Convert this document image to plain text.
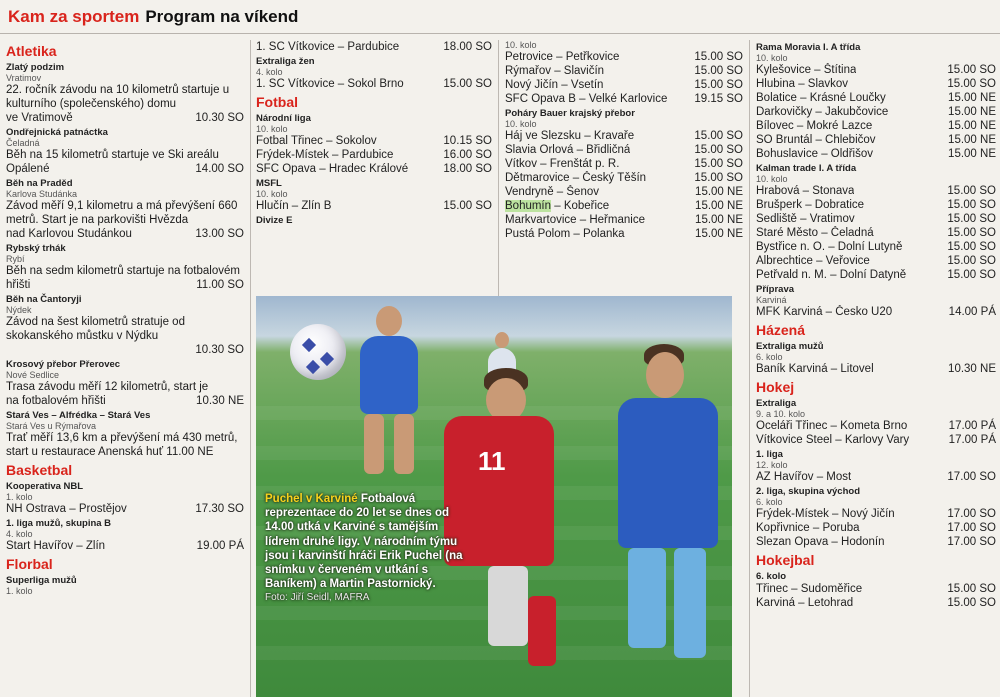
Kam za sportem Program na víkend
Atletika
Zlatý podzim
Vratimov
22. ročník závodu na 10 kilometrů startuje u kulturního (společenského) domu
ve Vratimově	10.30 SO
Ondřejnická patnáctka
Čeladná
Běh na 15 kilometrů startuje ve Ski areálu
Opálené	14.00 SO
Běh na Praděd
Karlova Studánka
Závod měří 9,1 kilometru a má převýšení 660 metrů. Start je na parkovišti Hvězda
nad Karlovou Studánkou	13.00 SO
Rybský trhák
Rybí
Běh na sedm kilometrů startuje na fotbalovém
hřišti	11.00 SO
Běh na Čantoryji
Nýdek
Závod na šest kilometrů stratuje od skokanského můstku v Nýdku
10.30 SO
Krosový přebor Přerovec
Nové Sedlice
Trasa závodu měří 12 kilometrů, start je
na fotbalovém hřišti	10.30 NE
Stará Ves – Alfrédka – Stará Ves
Stará Ves u Rýmařova
Trať měří 13,6 km a převýšení má 430 metrů, start u restaurace Anenská huť 11.00 NE
Basketbal
Kooperativa NBL
1. kolo
NH Ostrava – Prostějov	17.30 SO
1. liga mužů, skupina B
4. kolo
Start Havířov – Zlín	19.00 PÁ
Florbal
Superliga mužů
1. kolo
1. SC Vítkovice – Pardubice	18.00 SO
Extraliga žen
4. kolo
1. SC Vítkovice – Sokol Brno	15.00 SO
Fotbal
Národní liga
10. kolo
Fotbal Třinec – Sokolov	10.15 SO
Frýdek-Místek – Pardubice	16.00 SO
SFC Opava – Hradec Králové	18.00 SO
MSFL
10. kolo
Hlučín – Zlín B	15.00 SO
Divize E
10. kolo
Petrovice – Petřkovice	15.00 SO
Rýmařov – Slavičín	15.00 SO
Nový Jičín – Vsetín	15.00 SO
SFC Opava B – Velké Karlovice 19.15 SO
Poháry Bauer krajský přebor
10. kolo
Háj ve Slezsku – Kravaře	15.00 SO
Slavia Orlová – Břidličná	15.00 SO
Vítkov – Frenštát p. R.	15.00 SO
Dětmarovice – Český Těšín	15.00 SO
Vendryně – Šenov	15.00 NE
Bohumín – Kobeřice	15.00 NE
Markvartovice – Heřmanice	15.00 NE
Pustá Polom – Polanka	15.00 NE
Rama Moravia I. A třída
10. kolo
Kylešovice – Štítina	15.00 SO
Hlubina – Slavkov	15.00 SO
Bolatice – Krásné Loučky	15.00 NE
Darkovičky – Jakubčovice	15.00 NE
Bílovec – Mokré Lazce	15.00 NE
SO Bruntál – Chlebičov	15.00 NE
Bohuslavice – Oldřišov	15.00 NE
Kalman trade I. A třída
10. kolo
Hrabová – Stonava	15.00 SO
Brušperk – Dobratice	15.00 SO
Sedliště – Vratimov	15.00 SO
Staré Město – Čeladná	15.00 SO
Bystřice n. O. – Dolní Lutyně	15.00 SO
Albrechtice – Veřovice	15.00 SO
Petřvald n. M. – Dolní Datyně	15.00 SO
Příprava
Karviná
MFK Karviná – Česko U20	14.00 PÁ
Házená
Extraliga mužů
6. kolo
Baník Karviná – Litovel	10.30 NE
Hokej
Extraliga
9. a 10. kolo
Oceláři Třinec – Kometa Brno	17.00 PÁ
Vítkovice Steel – Karlovy Vary	17.00 PÁ
1. liga
12. kolo
AZ Havířov – Most	17.00 SO
2. liga, skupina východ
6. kolo
Frýdek-Místek – Nový Jičín	17.00 SO
Kopřivnice – Poruba	17.00 SO
Slezan Opava – Hodonín	17.00 SO
Hokejbal
6. kolo
Třinec – Sudoměřice	15.00 SO
Karviná – Letohrad	15.00 SO
11
Puchel v Karviné Fotbalová reprezentace do 20 let se dnes od 14.00 utká v Karviné s tamějším lídrem druhé ligy. V národním týmu jsou i karvinští hráči Erik Puchel (na snímku v červeném v utkání s Baníkem) a Martin Pastornický.
Foto: Jiří Seidl, MAFRA
